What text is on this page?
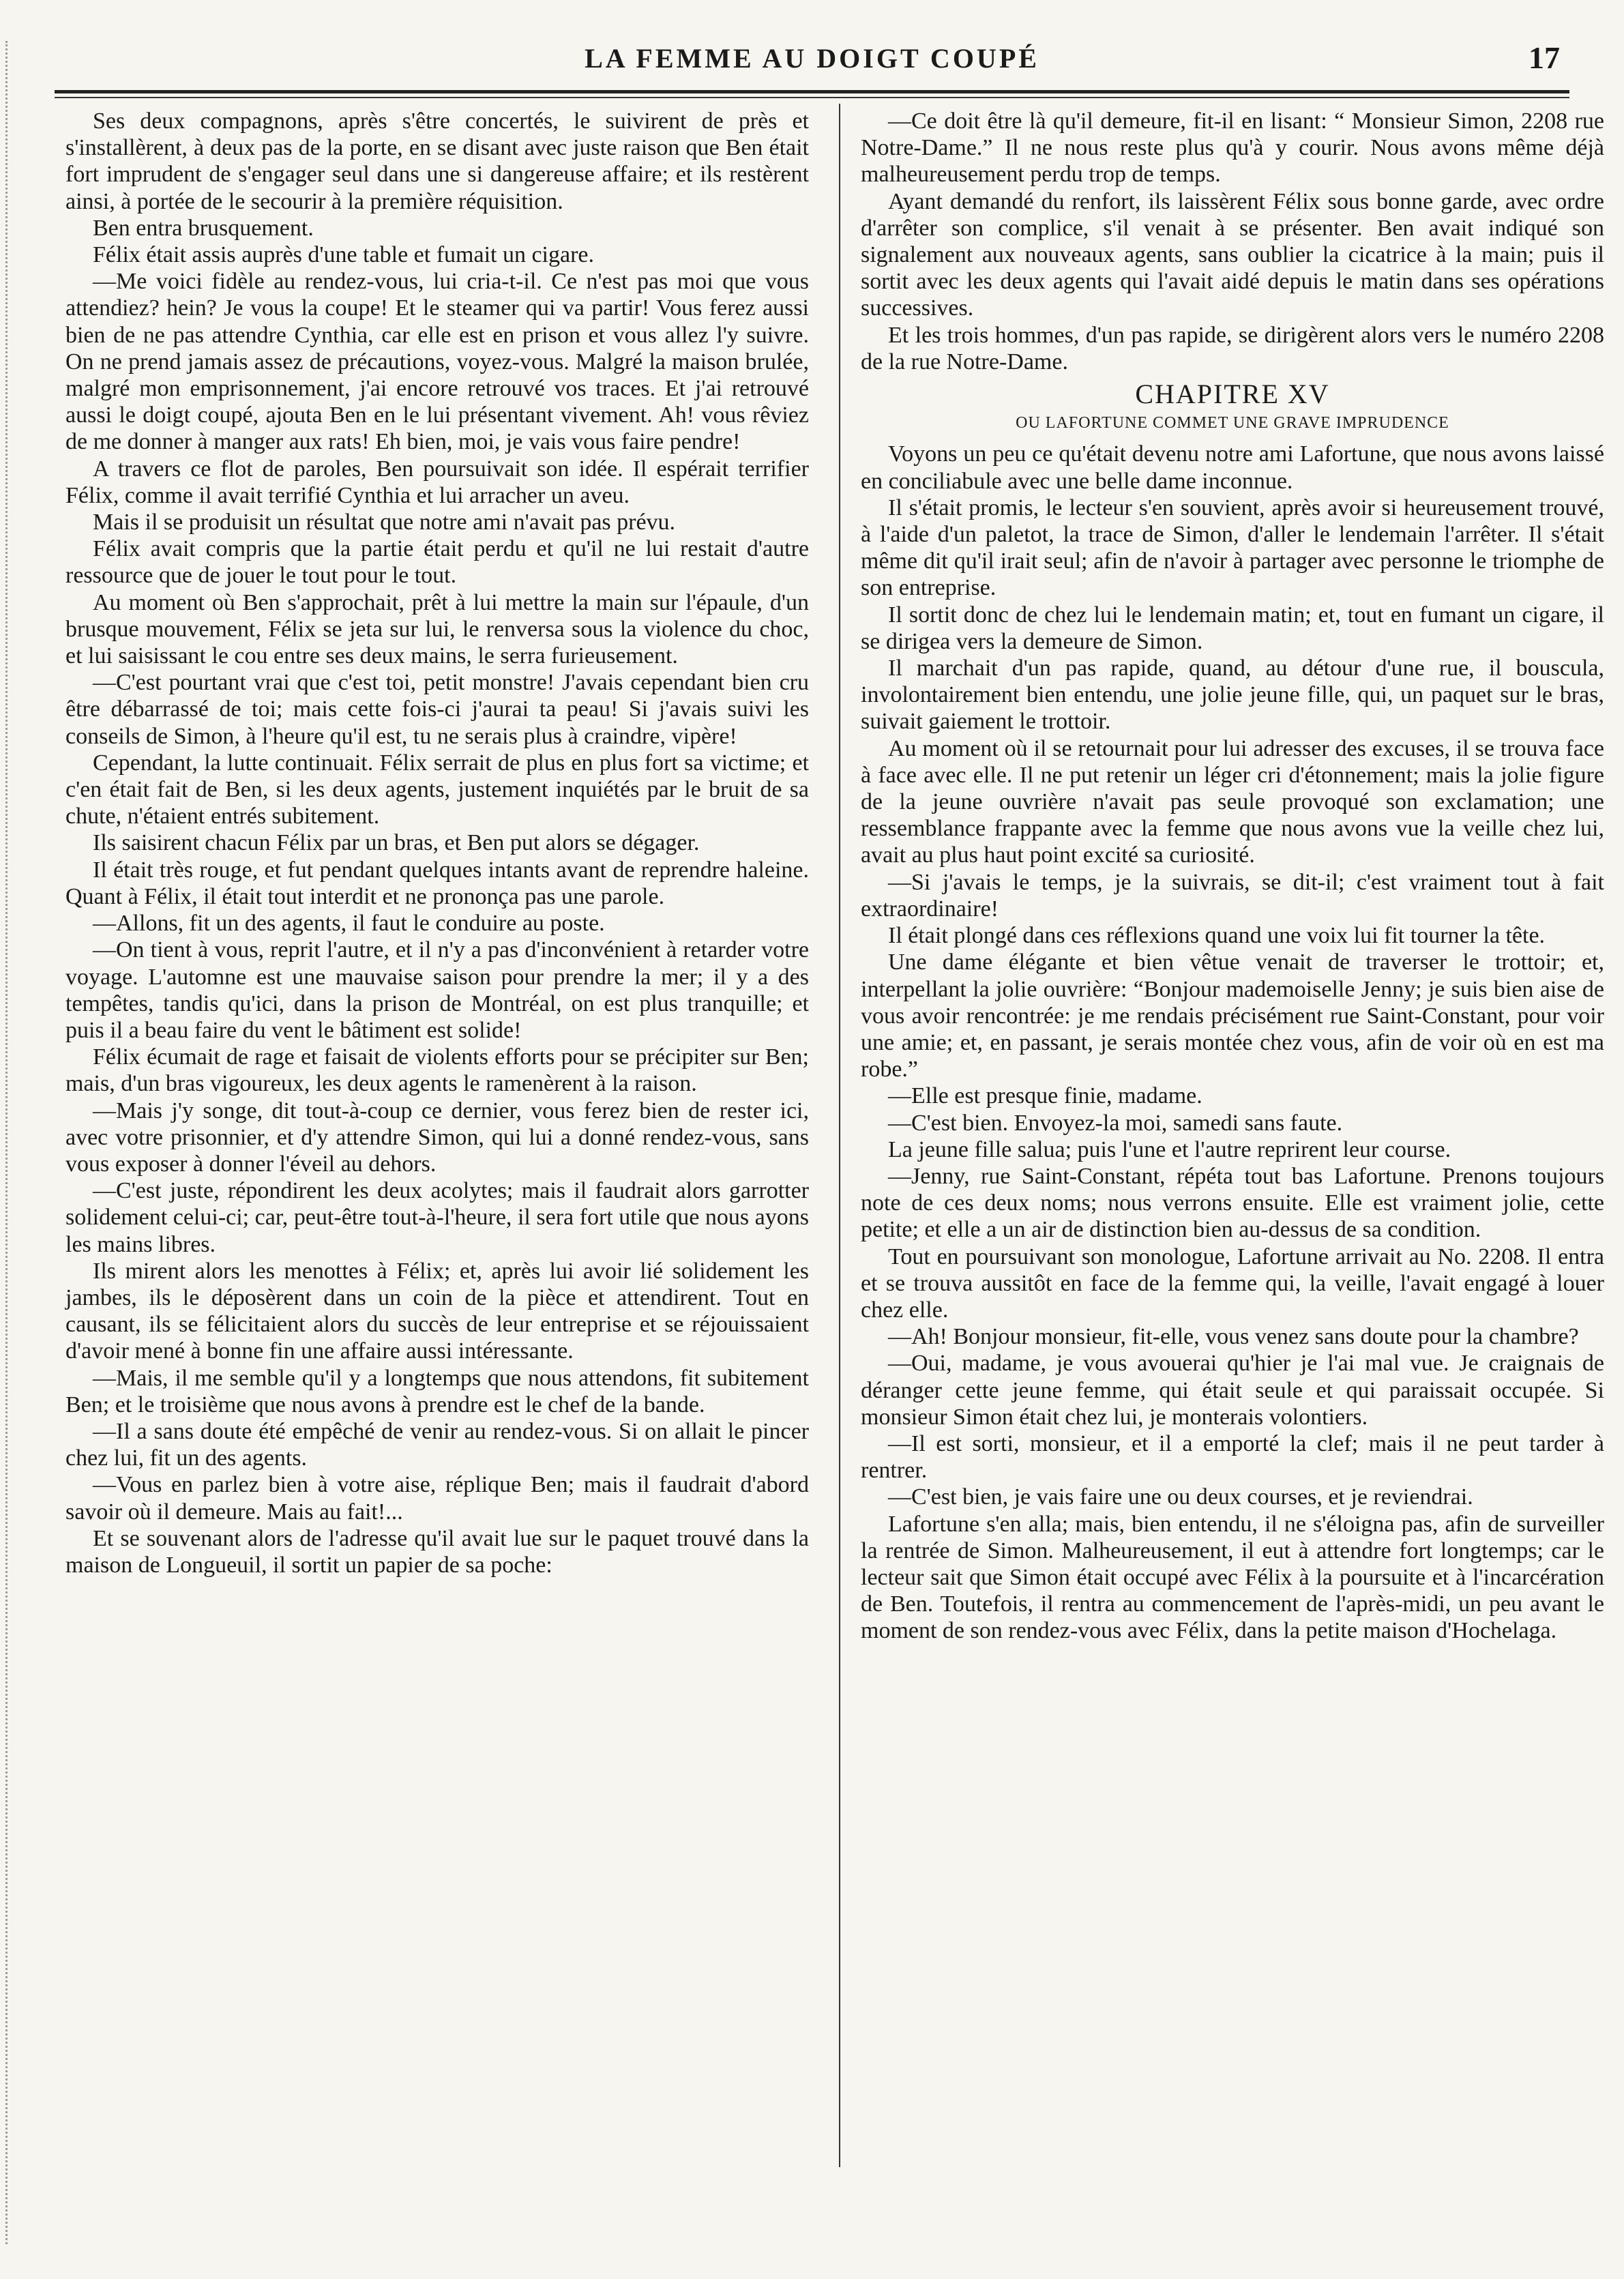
LA FEMME AU DOIGT COUPÉ	17

Ses deux compagnons, après s'être concertés, le suivirent de près et s'installèrent, à deux pas de la porte, en se disant avec juste raison que Ben était fort imprudent de s'engager seul dans une si dangereuse affaire; et ils restèrent ainsi, à portée de le secourir à la première réquisition.

Ben entra brusquement.

Félix était assis auprès d'une table et fumait un cigare.

—Me voici fidèle au rendez-vous, lui cria-t-il. Ce n'est pas moi que vous attendiez? hein? Je vous la coupe! Et le steamer qui va partir! Vous ferez aussi bien de ne pas attendre Cynthia, car elle est en prison et vous allez l'y suivre. On ne prend jamais assez de précautions, voyez-vous. Malgré la maison brulée, malgré mon emprisonnement, j'ai encore retrouvé vos traces. Et j'ai retrouvé aussi le doigt coupé, ajouta Ben en le lui présentant vivement. Ah! vous rêviez de me donner à manger aux rats! Eh bien, moi, je vais vous faire pendre!

A travers ce flot de paroles, Ben poursuivait son idée. Il espérait terrifier Félix, comme il avait terrifié Cynthia et lui arracher un aveu.

Mais il se produisit un résultat que notre ami n'avait pas prévu.

Félix avait compris que la partie était perdu et qu'il ne lui restait d'autre ressource que de jouer le tout pour le tout.

Au moment où Ben s'approchait, prêt à lui mettre la main sur l'épaule, d'un brusque mouvement, Félix se jeta sur lui, le renversa sous la violence du choc, et lui saisissant le cou entre ses deux mains, le serra furieusement.

—C'est pourtant vrai que c'est toi, petit monstre! J'avais cependant bien cru être débarrassé de toi; mais cette fois-ci j'aurai ta peau! Si j'avais suivi les conseils de Simon, à l'heure qu'il est, tu ne serais plus à craindre, vipère!

Cependant, la lutte continuait. Félix serrait de plus en plus fort sa victime; et c'en était fait de Ben, si les deux agents, justement inquiétés par le bruit de sa chute, n'étaient entrés subitement.

Ils saisirent chacun Félix par un bras, et Ben put alors se dégager.

Il était très rouge, et fut pendant quelques intants avant de reprendre haleine. Quant à Félix, il était tout interdit et ne prononça pas une parole.

—Allons, fit un des agents, il faut le conduire au poste.

—On tient à vous, reprit l'autre, et il n'y a pas d'inconvénient à retarder votre voyage. L'automne est une mauvaise saison pour prendre la mer; il y a des tempêtes, tandis qu'ici, dans la prison de Montréal, on est plus tranquille; et puis il a beau faire du vent le bâtiment est solide!

Félix écumait de rage et faisait de violents efforts pour se précipiter sur Ben; mais, d'un bras vigoureux, les deux agents le ramenèrent à la raison.

—Mais j'y songe, dit tout-à-coup ce dernier, vous ferez bien de rester ici, avec votre prisonnier, et d'y attendre Simon, qui lui a donné rendez-vous, sans vous exposer à donner l'éveil au dehors.

—C'est juste, répondirent les deux acolytes; mais il faudrait alors garrotter solidement celui-ci; car, peut-être tout-à-l'heure, il sera fort utile que nous ayons les mains libres.

Ils mirent alors les menottes à Félix; et, après lui avoir lié solidement les jambes, ils le déposèrent dans un coin de la pièce et attendirent. Tout en causant, ils se félicitaient alors du succès de leur entreprise et se réjouissaient d'avoir mené à bonne fin une affaire aussi intéressante.

—Mais, il me semble qu'il y a longtemps que nous attendons, fit subitement Ben; et le troisième que nous avons à prendre est le chef de la bande.

—Il a sans doute été empêché de venir au rendez-vous. Si on allait le pincer chez lui, fit un des agents.

—Vous en parlez bien à votre aise, réplique Ben; mais il faudrait d'abord savoir où il demeure. Mais au fait!...

Et se souvenant alors de l'adresse qu'il avait lue sur le paquet trouvé dans la maison de Longueuil, il sortit un papier de sa poche:

—Ce doit être là qu'il demeure, fit-il en lisant: “ Monsieur Simon, 2208 rue Notre-Dame.” Il ne nous reste plus qu'à y courir. Nous avons même déjà malheureusement perdu trop de temps.

Ayant demandé du renfort, ils laissèrent Félix sous bonne garde, avec ordre d'arrêter son complice, s'il venait à se présenter. Ben avait indiqué son signalement aux nouveaux agents, sans oublier la cicatrice à la main; puis il sortit avec les deux agents qui l'avait aidé depuis le matin dans ses opérations successives.

Et les trois hommes, d'un pas rapide, se dirigèrent alors vers le numéro 2208 de la rue Notre-Dame.

CHAPITRE XV
OU LAFORTUNE COMMET UNE GRAVE IMPRUDENCE

Voyons un peu ce qu'était devenu notre ami Lafortune, que nous avons laissé en conciliabule avec une belle dame inconnue.

Il s'était promis, le lecteur s'en souvient, après avoir si heureusement trouvé, à l'aide d'un paletot, la trace de Simon, d'aller le lendemain l'arrêter. Il s'était même dit qu'il irait seul; afin de n'avoir à partager avec personne le triomphe de son entreprise.

Il sortit donc de chez lui le lendemain matin; et, tout en fumant un cigare, il se dirigea vers la demeure de Simon.

Il marchait d'un pas rapide, quand, au détour d'une rue, il bouscula, involontairement bien entendu, une jolie jeune fille, qui, un paquet sur le bras, suivait gaiement le trottoir.

Au moment où il se retournait pour lui adresser des excuses, il se trouva face à face avec elle. Il ne put retenir un léger cri d'étonnement; mais la jolie figure de la jeune ouvrière n'avait pas seule provoqué son exclamation; une ressemblance frappante avec la femme que nous avons vue la veille chez lui, avait au plus haut point excité sa curiosité.

—Si j'avais le temps, je la suivrais, se dit-il; c'est vraiment tout à fait extraordinaire!

Il était plongé dans ces réflexions quand une voix lui fit tourner la tête.

Une dame élégante et bien vêtue venait de traverser le trottoir; et, interpellant la jolie ouvrière: “Bonjour mademoiselle Jenny; je suis bien aise de vous avoir rencontrée: je me rendais précisément rue Saint-Constant, pour voir une amie; et, en passant, je serais montée chez vous, afin de voir où en est ma robe.”

—Elle est presque finie, madame.

—C'est bien. Envoyez-la moi, samedi sans faute.

La jeune fille salua; puis l'une et l'autre reprirent leur course.

—Jenny, rue Saint-Constant, répéta tout bas Lafortune. Prenons toujours note de ces deux noms; nous verrons ensuite. Elle est vraiment jolie, cette petite; et elle a un air de distinction bien au-dessus de sa condition.

Tout en poursuivant son monologue, Lafortune arrivait au No. 2208. Il entra et se trouva aussitôt en face de la femme qui, la veille, l'avait engagé à louer chez elle.

—Ah! Bonjour monsieur, fit-elle, vous venez sans doute pour la chambre?

—Oui, madame, je vous avouerai qu'hier je l'ai mal vue. Je craignais de déranger cette jeune femme, qui était seule et qui paraissait occupée. Si monsieur Simon était chez lui, je monterais volontiers.

—Il est sorti, monsieur, et il a emporté la clef; mais il ne peut tarder à rentrer.

—C'est bien, je vais faire une ou deux courses, et je reviendrai.

Lafortune s'en alla; mais, bien entendu, il ne s'éloigna pas, afin de surveiller la rentrée de Simon. Malheureusement, il eut à attendre fort longtemps; car le lecteur sait que Simon était occupé avec Félix à la poursuite et à l'incarcération de Ben. Toutefois, il rentra au commencement de l'après-midi, un peu avant le moment de son rendez-vous avec Félix, dans la petite maison d'Hochelaga.
